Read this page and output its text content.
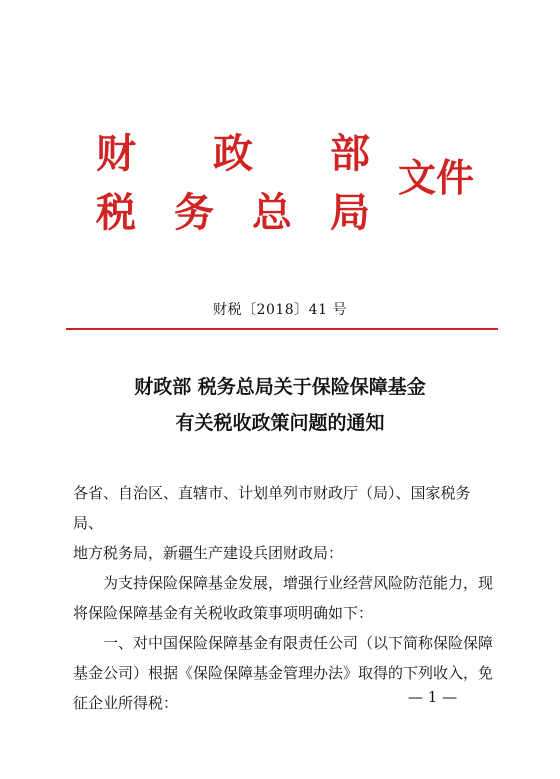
财 政 部
税 务 总 局
文件
财税〔2018〕41 号
财政部 税务总局关于保险保障基金
有关税收政策问题的通知

各省、自治区、直辖市、计划单列市财政厅（局）、国家税务局、

地方税务局，新疆生产建设兵团财政局：

为支持保险保障基金发展，增强行业经营风险防范能力，现

将保险保障基金有关税收政策事项明确如下：

一、对中国保险保障基金有限责任公司（以下简称保险保障

基金公司）根据《保险保障基金管理办法》取得的下列收入，免

征企业所得税：	— 1 —
